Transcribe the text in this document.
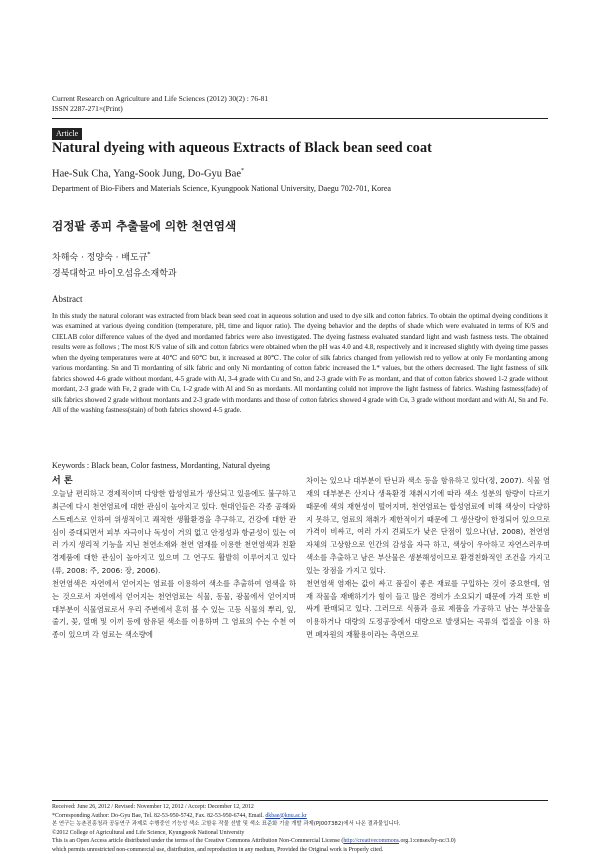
Current Research on Agriculture and Life Sciences (2012) 30(2) : 76-81
ISSN 2287-271×(Print)
Article
Natural dyeing with aqueous Extracts of Black bean seed coat
Hae-Suk Cha, Yang-Sook Jung, Do-Gyu Bae*
Department of Bio-Fibers and Materials Science, Kyungpook National University, Daegu 702-701, Korea
검정팥 종피 추출물에 의한 천연염색
차해숙 · 정양숙 · 배도규*
경북대학교 바이오섬유소재학과
Abstract
In this study the natural colorant was extracted from black bean seed coat in aqueous solution and used to dye silk and cotton fabrics. To obtain the optimal dyeing conditions it was examined at various dyeing condition (temperature, pH, time and liquor ratio). The dyeing behavior and the depths of shade which were evaluated in terms of K/S and CIELAB color difference values of the dyed and mordanted fabrics were also investigated. The dyeing fastness evaluated standard light and wash fastness tests. The obtained results were as follows ; The most K/S value of silk and cotton fabrics were obtained when the pH was 4.0 and 4.8, respectively and it increased slightly with dyeing time passes when the dyeing temperatures were at 40℃ and 60℃ but, it increased at 80℃. The color of silk fabrics changed from yellowish red to yellow at only Fe mordanting among various mordanting. Sn and Ti mordanting of silk fabric and only Ni mordanting of cotton fabric increased the L* values, but the others decreased. The light fastness of silk fabrics showed 4-6 grade without mordant, 4-5 grade with Al, 3-4 grade with Cu and Sn, and 2-3 grade with Fe as mordant, and that of cotton fabrics showed 1-2 grade without mordant, 2-3 grade with Fe, 2 grade with Cu, 1-2 grade with Al and Sn as mordants. All mordanting coluld not improve the light fastness of fabrics. Washing fastness(fade) of silk fabrics showed 2 grade without mordants and 2-3 grade with mordants and those of cotton fabrics showed 4 grade with Cu, 3 grade without mordant and with Al, Sn and Fe. All of the washing fastness(stain) of both fabrics showed 4-5 grade.
Keywords : Black bean, Color fastness, Mordanting, Natural dyeing
서 론

오늘날 편리하고 경제적이며 다양한 합성염료가 생산되고 있음에도 불구하고 최근에 다시 천연염료에 대한 관심이 높아지고 있다. 현대인들은 각종 공해와 스트레스로 인하여 위생적이고 쾌적한 생활환경을 추구하고, 건강에 대한 관심이 증대되면서 피부 자극이나 독성이 거의 없고 안정성과 항균성이 있는 여러 가지 생리적 기능을 지닌 천연소재와 천연 염재를 이용한 천연염색과 친환경제품에 대한 관심이 높아지고 있으며 그 연구도 활발히 이루어지고 있다(류, 2008: 주, 2006: 장, 2006).

천연염색은 자연에서 얻어지는 염료를 이용하여 색소를 추출하여 염색을 하는 것으로서 자연에서 얻어지는 천연염료는 식물, 동물, 광물에서 얻어지며 대부분이 식물염료로서 우리 주변에서 흔히 볼 수 있는 고등 식물의 뿌리, 잎, 줄기, 꽃, 열매 및 이끼 등에 함유된 색소를 이용하며 그 염료의 수는 수천 여종이 있으며 각 염료는 색소량에

차이는 있으나 대부분이 탄닌과 색소 등을 함유하고 있다(정, 2007). 식물 염재의 대부분은 산지나 생육환경 채취시기에 따라 색소 성분의 함량이 다르기 때문에 색의 재현성이 떨어지며, 천연염료는 합성염료에 비해 색상이 다양하지 못하고, 염료의 채취가 제한적이기 때문에 그 생산량이 한정되어 있으므로 가격이 비싸고, 여러 가지 견뢰도가 낮은 단점이 있으나(남, 2008), 천연염 자체의 고상함으로 인간의 감성을 자극 하고, 색상이 우아하고 자연스러우며 색소를 추출하고 남은 부산물은 생분해성이므로 환경친화적인 조건을 가지고 있는 장점을 가지고 있다.

천연염색 염재는 값이 싸고 품질이 좋은 재료를 구입하는 것이 중요한데, 염재 작물을 재배하기가 힘이 들고 많은 경비가 소요되기 때문에 가격 또한 비싸게 판매되고 있다. 그러므로 식품과 음료 제품을 가공하고 남는 부산물을 이용하거나 대량의 도정공장에서 대량으로 발생되는 곡류의 껍질을 이용 하면 폐자원의 재활용이라는 측면으로

Received: June 26, 2012 / Revised: November 12, 2012 / Accept: December 12, 2012

*Corresponding Author: Do-Gyu Bae, Tel. 82-53-950-5742, Fax. 82-53-950-6744, Email. dkbae@knu.ac.kr

본 연구는 농촌진흥청과 공동연구 과제로 수행중인 기능성 색소 고함유 작물 선발 및 색소 표준화 기술 개발 과제(PJ007382)에서 나온 결과물입니다.

©2012 College of Agricultural and Life Science, Kyungpook National University

This is an Open Access article distributed under the terms of the Creative Commons Attribution Non-Commercial License (http://creativecommons.org.1:censes/by-nc/3.0)

which permits unrestricted non-commercial use, distribution, and reproduction in any medium, Provided the Original work is Properly cited.
